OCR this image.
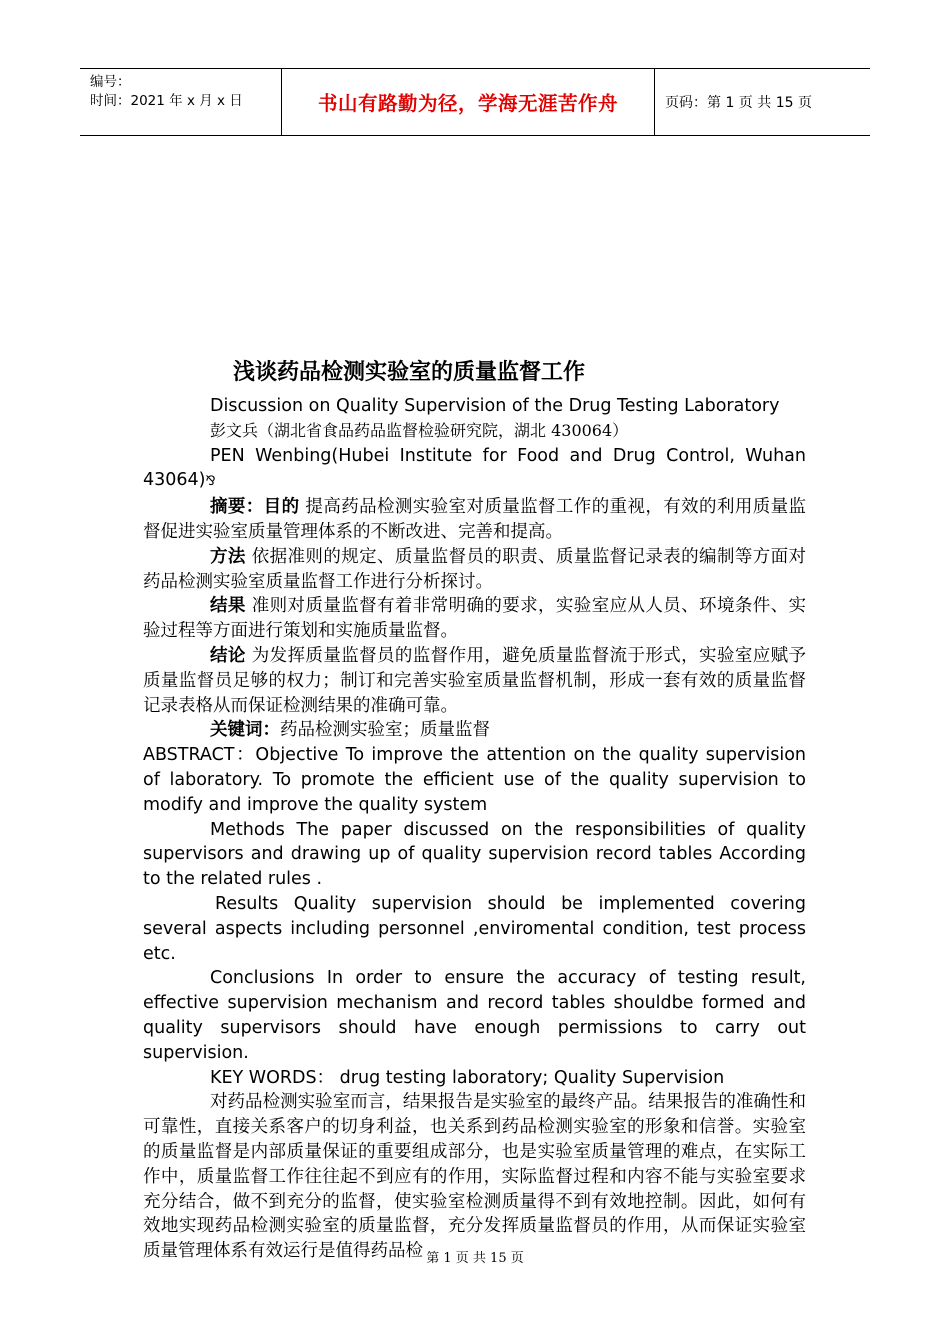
编号：
时间：2021 年 x 月 x 日	书山有路勤为径，学海无涯苦作舟	页码：第 1 页 共 15 页
浅谈药品检测实验室的质量监督工作

Discussion on Quality Supervision of the Drug Testing Laboratory

彭文兵（湖北省食品药品监督检验研究院，湖北 430064）

PEN Wenbing(Hubei Institute for Food and Drug Control, Wuhan

43064)⅋

摘要：目的 提高药品检测实验室对质量监督工作的重视，有效的利用质量监督促进实验室质量管理体系的不断改进、完善和提高。

方法 依据准则的规定、质量监督员的职责、质量监督记录表的编制等方面对药品检测实验室质量监督工作进行分析探讨。

结果 准则对质量监督有着非常明确的要求，实验室应从人员、环境条件、实验过程等方面进行策划和实施质量监督。

结论 为发挥质量监督员的监督作用，避免质量监督流于形式，实验室应赋予质量监督员足够的权力；制订和完善实验室质量监督机制，形成一套有效的质量监督记录表格从而保证检测结果的准确可靠。

关键词：药品检测实验室；质量监督

ABSTRACT：Objective To improve the attention on the quality supervision of laboratory. To promote the efficient use of the quality supervision to modify and improve the quality system

Methods The paper discussed on the responsibilities of quality supervisors and drawing up of quality supervision record tables According to the related rules .

Results Quality supervision should be implemented covering several aspects including personnel ,enviromental condition, test process etc.

Conclusions In order to ensure the accuracy of testing result, effective supervision mechanism and record tables shouldbe formed and quality supervisors should have enough permissions to carry out supervision.

KEY WORDS： drug testing laboratory; Quality Supervision

对药品检测实验室而言，结果报告是实验室的最终产品。结果报告的准确性和可靠性，直接关系客户的切身利益，也关系到药品检测实验室的形象和信誉。实验室的质量监督是内部质量保证的重要组成部分，也是实验室质量管理的难点，在实际工作中，质量监督工作往往起不到应有的作用，实际监督过程和内容不能与实验室要求充分结合，做不到充分的监督，使实验室检测质量得不到有效地控制。因此，如何有效地实现药品检测实验室的质量监督，充分发挥质量监督员的作用，从而保证实验室质量管理体系有效运行是值得药品检 第 1 页 共 15 页
